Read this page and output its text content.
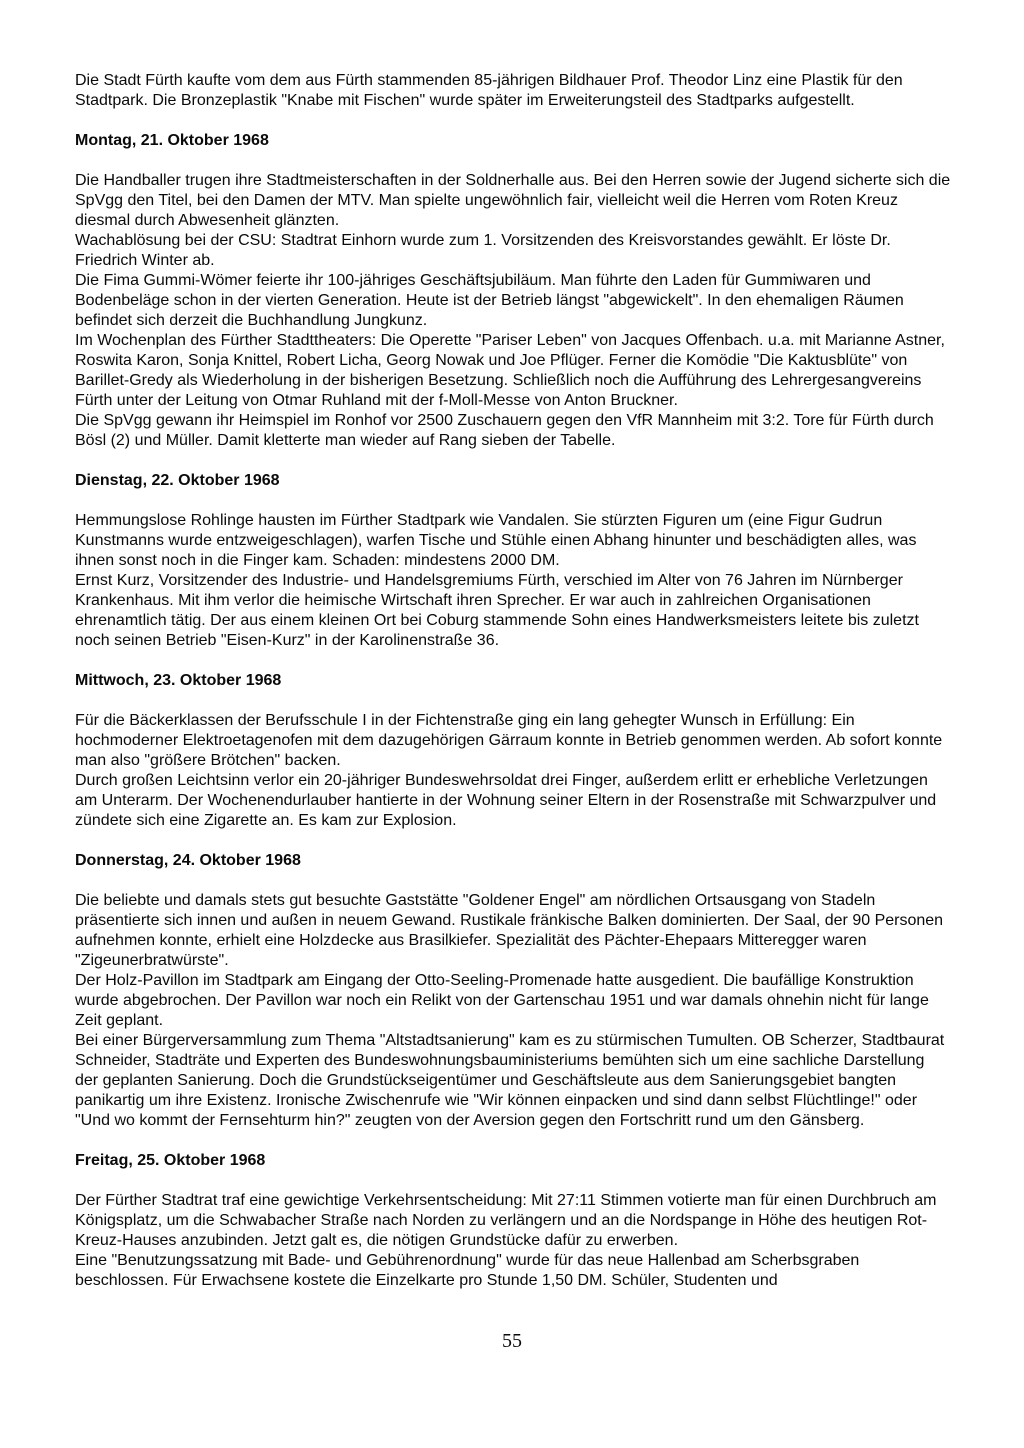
Die Stadt Fürth kaufte vom dem aus Fürth stammenden 85-jährigen Bildhauer Prof. Theodor Linz eine Plastik für den Stadtpark. Die Bronzeplastik "Knabe mit Fischen" wurde später im Erweiterungsteil des Stadtparks aufgestellt.

Montag, 21. Oktober 1968

Die Handballer trugen ihre Stadtmeisterschaften in der Soldnerhalle aus. Bei den Herren sowie der Jugend sicherte sich die SpVgg den Titel, bei den Damen der MTV. Man spielte ungewöhnlich fair, vielleicht weil die Herren vom Roten Kreuz diesmal durch Abwesenheit glänzten.

Wachablösung bei der CSU: Stadtrat Einhorn wurde zum 1. Vorsitzenden des Kreisvorstandes gewählt. Er löste Dr. Friedrich Winter ab.

Die Fima Gummi-Wömer feierte ihr 100-jähriges Geschäftsjubiläum. Man führte den Laden für Gummiwaren und Bodenbeläge schon in der vierten Generation. Heute ist der Betrieb längst "abgewickelt". In den ehemaligen Räumen befindet sich derzeit die Buchhandlung Jungkunz.

Im Wochenplan des Fürther Stadttheaters: Die Operette "Pariser Leben" von Jacques Offenbach. u.a. mit Marianne Astner, Roswita Karon, Sonja Knittel, Robert Licha, Georg Nowak und Joe Pflüger. Ferner die Komödie "Die Kaktusblüte" von Barillet-Gredy als Wiederholung in der bisherigen Besetzung. Schließlich noch die Aufführung des Lehrergesangvereins Fürth unter der Leitung von Otmar Ruhland mit der f-Moll-Messe von Anton Bruckner.

Die SpVgg gewann ihr Heimspiel im Ronhof vor 2500 Zuschauern gegen den VfR Mannheim mit 3:2. Tore für Fürth durch Bösl (2) und Müller. Damit kletterte man wieder auf Rang sieben der Tabelle.

Dienstag, 22. Oktober 1968

Hemmungslose Rohlinge hausten im Fürther Stadtpark wie Vandalen. Sie stürzten Figuren um (eine Figur Gudrun Kunstmanns wurde entzweigeschlagen), warfen Tische und Stühle einen Abhang hinunter und beschädigten alles, was ihnen sonst noch in die Finger kam. Schaden: mindestens 2000 DM.

Ernst Kurz, Vorsitzender des Industrie- und Handelsgremiums Fürth, verschied im Alter von 76 Jahren im Nürnberger Krankenhaus. Mit ihm verlor die heimische Wirtschaft ihren Sprecher. Er war auch in zahlreichen Organisationen ehrenamtlich tätig. Der aus einem kleinen Ort bei Coburg stammende Sohn eines Handwerksmeisters leitete bis zuletzt noch seinen Betrieb "Eisen-Kurz" in der Karolinenstraße 36.

Mittwoch, 23. Oktober 1968

Für die Bäckerklassen der Berufsschule I in der Fichtenstraße ging ein lang gehegter Wunsch in Erfüllung: Ein hochmoderner Elektroetagenofen mit dem dazugehörigen Gärraum konnte in Betrieb genommen werden. Ab sofort konnte man also "größere Brötchen" backen.

Durch großen Leichtsinn verlor ein 20-jähriger Bundeswehrsoldat drei Finger, außerdem erlitt er erhebliche Verletzungen am Unterarm. Der Wochenendurlauber hantierte in der Wohnung seiner Eltern in der Rosenstraße mit Schwarzpulver und zündete sich eine Zigarette an. Es kam zur Explosion.

Donnerstag, 24. Oktober 1968

Die beliebte und damals stets gut besuchte Gaststätte "Goldener Engel" am nördlichen Ortsausgang von Stadeln präsentierte sich innen und außen in neuem Gewand. Rustikale fränkische Balken dominierten. Der Saal, der 90 Personen aufnehmen konnte, erhielt eine Holzdecke aus Brasilkiefer. Spezialität des Pächter-Ehepaars Mitteregger waren "Zigeunerbratwürste".

Der Holz-Pavillon im Stadtpark am Eingang der Otto-Seeling-Promenade hatte ausgedient. Die baufällige Konstruktion wurde abgebrochen. Der Pavillon war noch ein Relikt von der Gartenschau 1951 und war damals ohnehin nicht für lange Zeit geplant.

Bei einer Bürgerversammlung zum Thema "Altstadtsanierung" kam es zu stürmischen Tumulten. OB Scherzer, Stadtbaurat Schneider, Stadträte und Experten des Bundeswohnungsbauministeriums bemühten sich um eine sachliche Darstellung der geplanten Sanierung. Doch die Grundstückseigentümer und Geschäftsleute aus dem Sanierungsgebiet bangten panikartig um ihre Existenz. Ironische Zwischenrufe wie "Wir können einpacken und sind dann selbst Flüchtlinge!" oder "Und wo kommt der Fernsehturm hin?" zeugten von der Aversion gegen den Fortschritt rund um den Gänsberg.

Freitag, 25. Oktober 1968

Der Fürther Stadtrat traf eine gewichtige Verkehrsentscheidung: Mit 27:11 Stimmen votierte man für einen Durchbruch am Königsplatz, um die Schwabacher Straße nach Norden zu verlängern und an die Nordspange in Höhe des heutigen Rot-Kreuz-Hauses anzubinden. Jetzt galt es, die nötigen Grundstücke dafür zu erwerben.

Eine "Benutzungssatzung mit Bade- und Gebührenordnung" wurde für das neue Hallenbad am Scherbsgraben beschlossen. Für Erwachsene kostete die Einzelkarte pro Stunde 1,50 DM. Schüler, Studenten und

55
